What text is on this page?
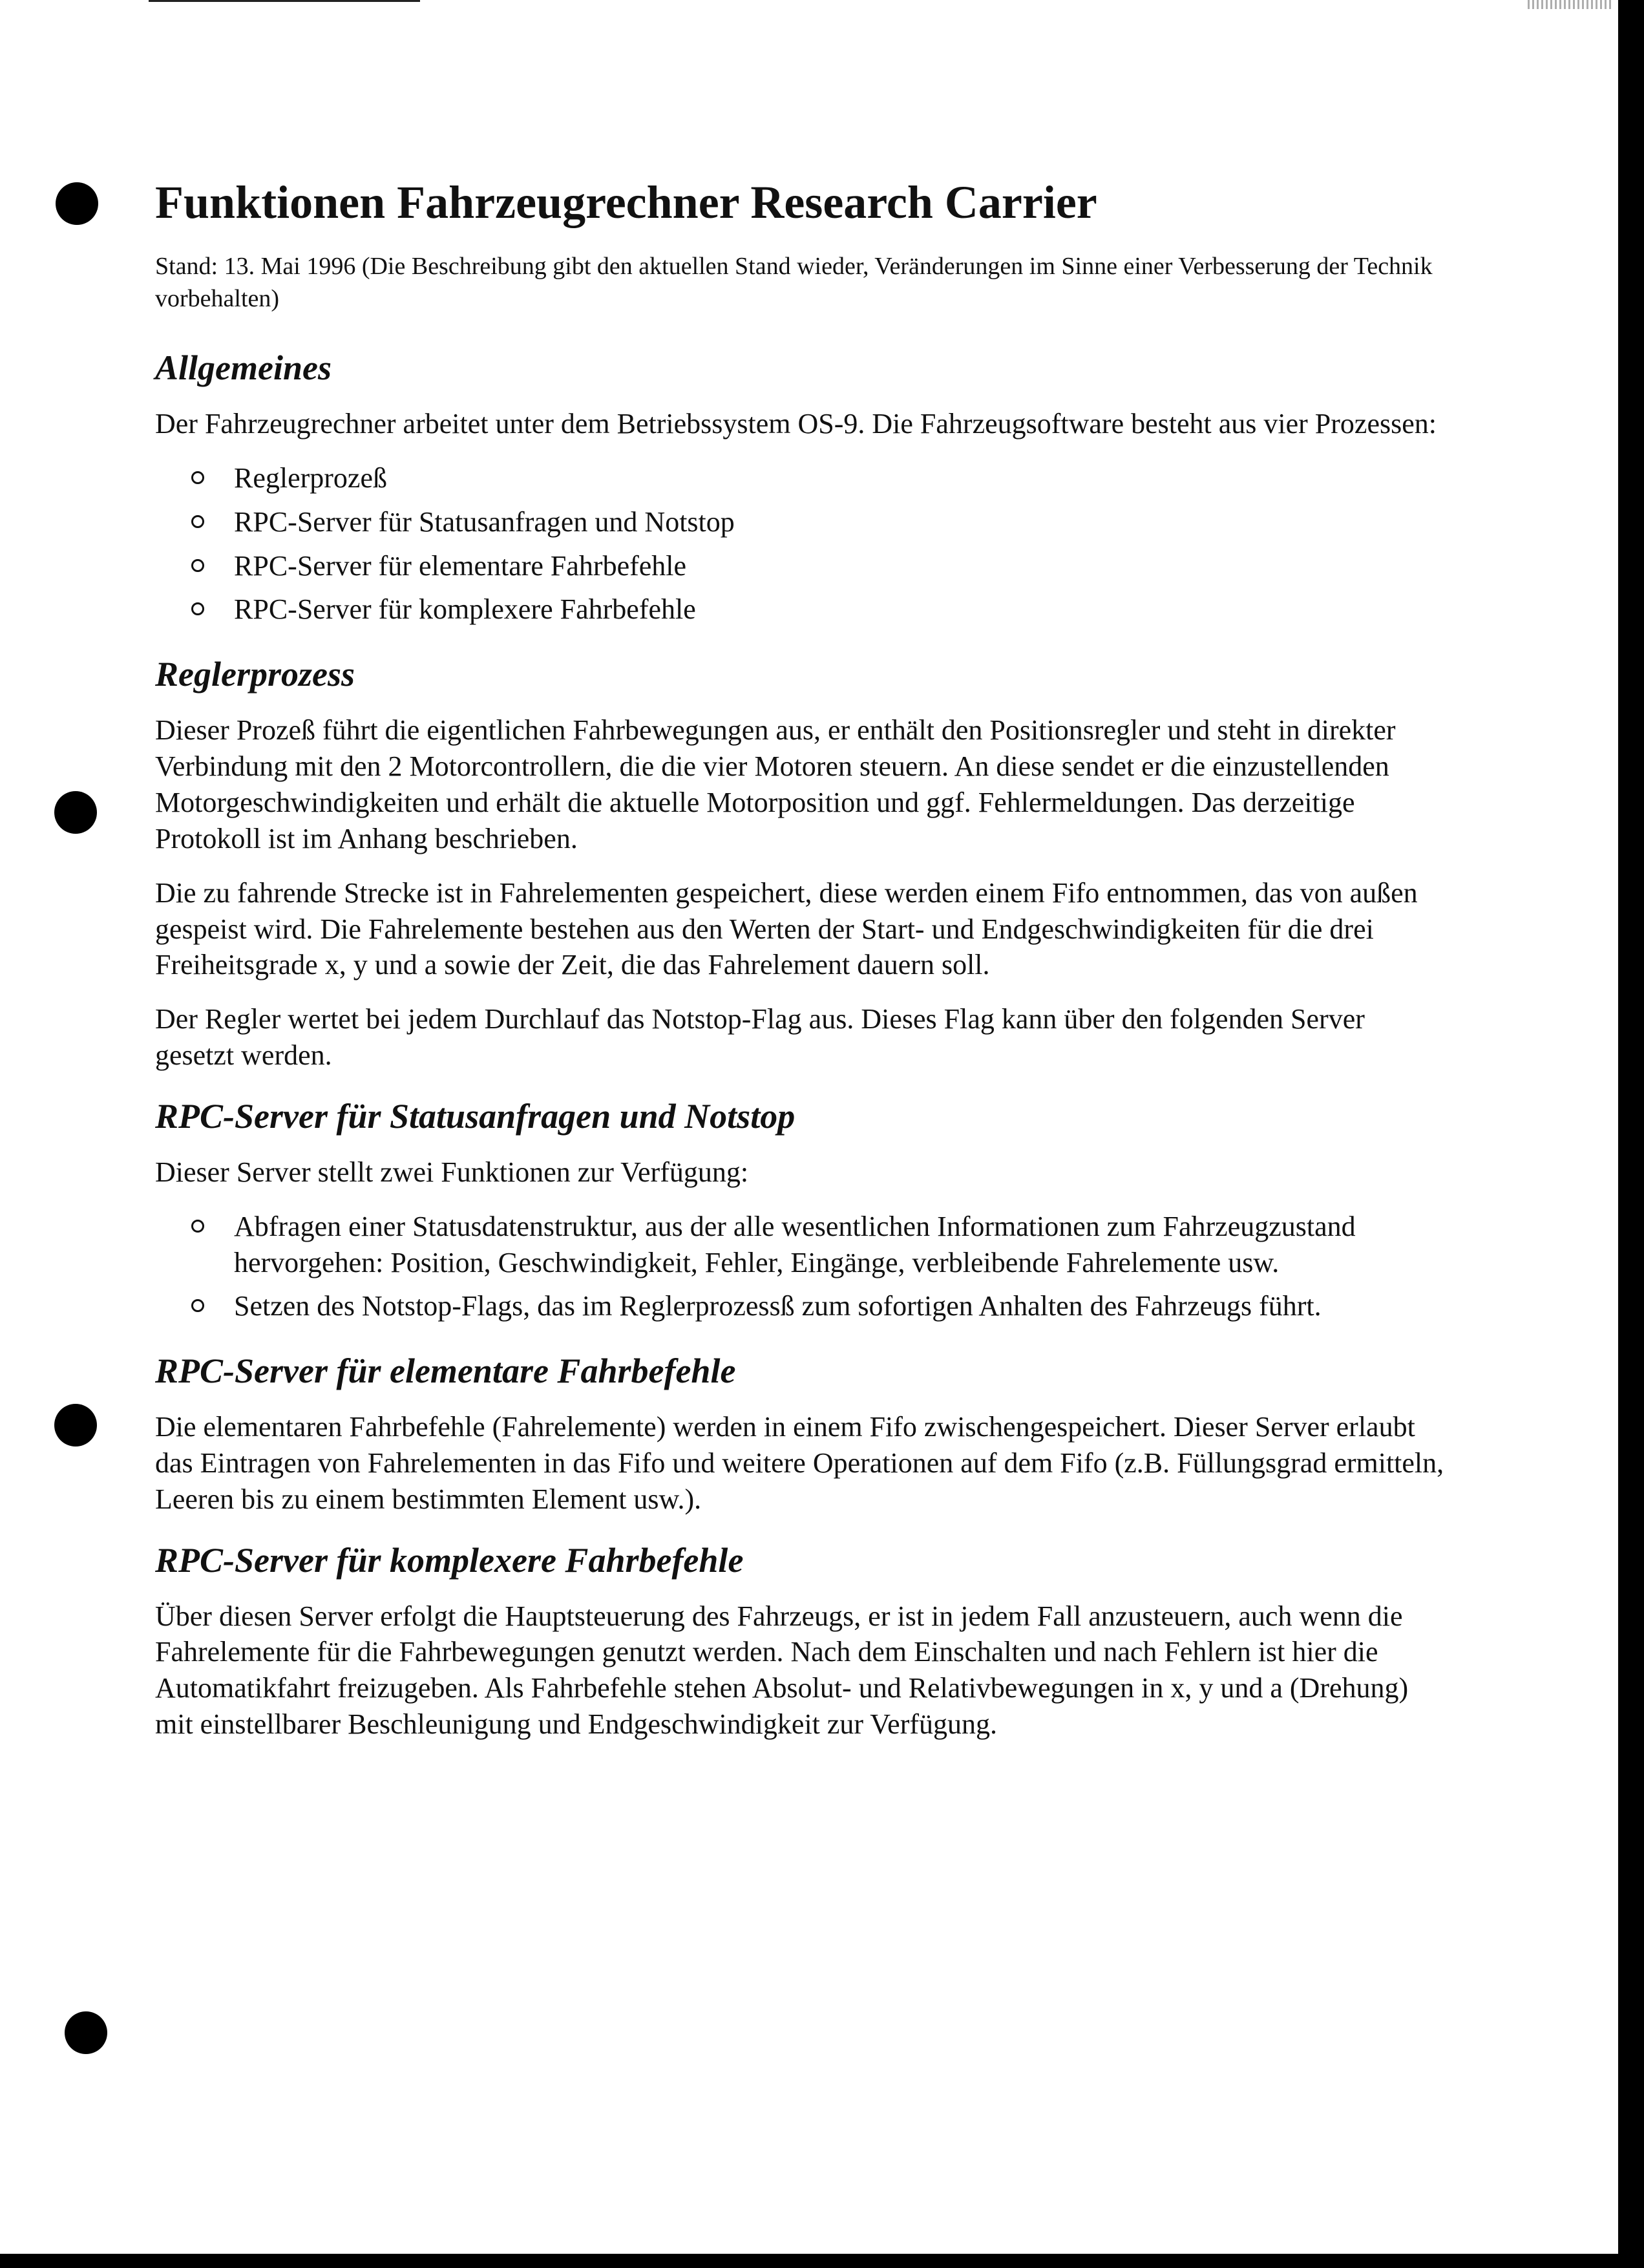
Funktionen Fahrzeugrechner Research Carrier
Stand: 13. Mai 1996 (Die Beschreibung gibt den aktuellen Stand wieder, Veränderungen im Sinne einer Verbesserung der Technik vorbehalten)
Allgemeines

Der Fahrzeugrechner arbeitet unter dem Betriebssystem OS-9. Die Fahrzeugsoftware besteht aus vier Prozessen:

Reglerprozeß
RPC-Server für Statusanfragen und Notstop
RPC-Server für elementare Fahrbefehle
RPC-Server für komplexere Fahrbefehle
Reglerprozess

Dieser Prozeß führt die eigentlichen Fahrbewegungen aus, er enthält den Positionsregler und steht in direkter Verbindung mit den 2 Motorcontrollern, die die vier Motoren steuern. An diese sendet er die einzustellenden Motorgeschwindigkeiten und erhält die aktuelle Motorposition und ggf. Fehlermeldungen. Das derzeitige Protokoll ist im Anhang beschrieben.

Die zu fahrende Strecke ist in Fahrelementen gespeichert, diese werden einem Fifo entnommen, das von außen gespeist wird. Die Fahrelemente bestehen aus den Werten der Start- und Endgeschwindigkeiten für die drei Freiheitsgrade x, y und a sowie der Zeit, die das Fahrelement dauern soll.

Der Regler wertet bei jedem Durchlauf das Notstop-Flag aus. Dieses Flag kann über den folgenden Server gesetzt werden.

RPC-Server für Statusanfragen und Notstop

Dieser Server stellt zwei Funktionen zur Verfügung:

Abfragen einer Statusdatenstruktur, aus der alle wesentlichen Informationen zum Fahrzeugzustand hervorgehen: Position, Geschwindigkeit, Fehler, Eingänge, verbleibende Fahrelemente usw.
Setzen des Notstop-Flags, das im Reglerprozessß zum sofortigen Anhalten des Fahrzeugs führt.
RPC-Server für elementare Fahrbefehle

Die elementaren Fahrbefehle (Fahrelemente) werden in einem Fifo zwischengespeichert. Dieser Server erlaubt das Eintragen von Fahrelementen in das Fifo und weitere Operationen auf dem Fifo (z.B. Füllungsgrad ermitteln, Leeren bis zu einem bestimmten Element usw.).

RPC-Server für komplexere Fahrbefehle

Über diesen Server erfolgt die Hauptsteuerung des Fahrzeugs, er ist in jedem Fall anzusteuern, auch wenn die Fahrelemente für die Fahrbewegungen genutzt werden. Nach dem Einschalten und nach Fehlern ist hier die Automatikfahrt freizugeben. Als Fahrbefehle stehen Absolut- und Relativbewegungen in x, y und a (Drehung) mit einstellbarer Beschleunigung und Endgeschwindigkeit zur Verfügung.
